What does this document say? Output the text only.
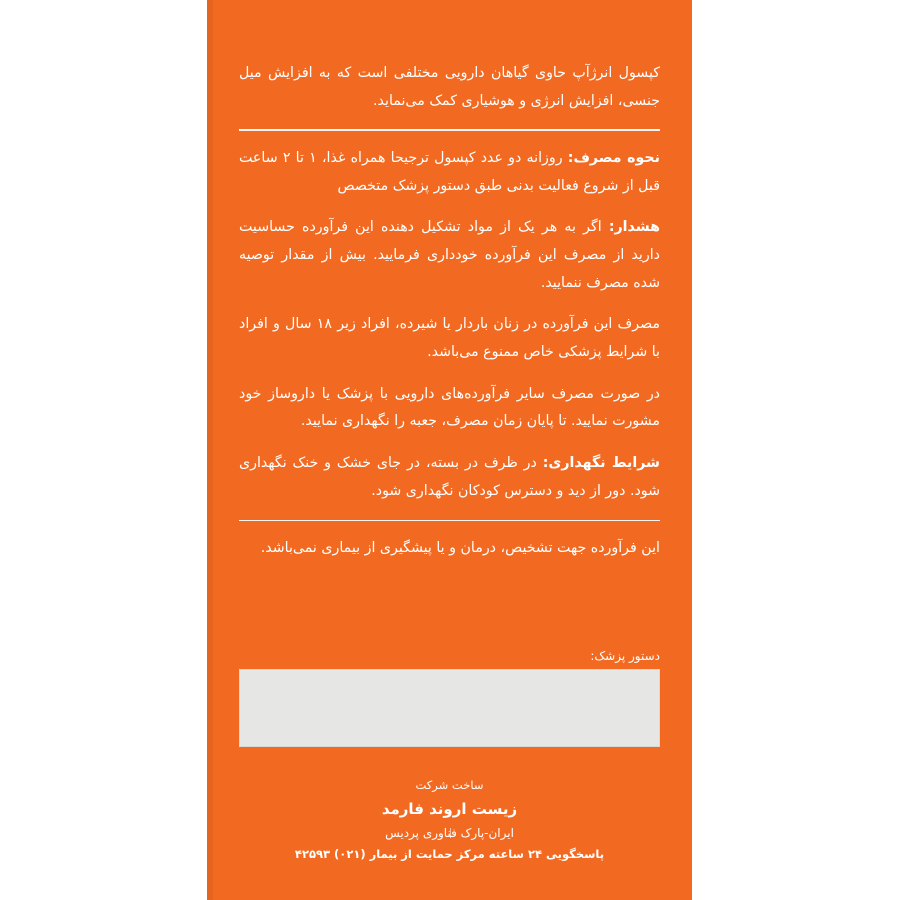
کپسول انرژآپ حاوی گیاهان دارویی مختلفی است که به افزایش میل جنسی، افزایش انرژی و هوشیاری کمک می‌نماید.

نحوه مصرف: روزانه دو عدد کپسول ترجیحا همراه غذا، ۱ تا ۲ ساعت قبل از شروع فعالیت بدنی طبق دستور پزشک متخصص

هشدار: اگر به هر یک از مواد تشکیل دهنده این فرآورده حساسیت دارید از مصرف این فرآورده خودداری فرمایید. بیش از مقدار توصیه شده مصرف ننمایید.

مصرف این فرآورده در زنان باردار یا شیرده، افراد زیر ۱۸ سال و افراد با شرایط پزشکی خاص ممنوع می‌باشد.

در صورت مصرف سایر فرآورده‌های دارویی با پزشک یا داروساز خود مشورت نمایید. تا پایان زمان مصرف، جعبه را نگهداری نمایید.

شرایط نگهداری: در ظرف در بسته، در جای خشک و خنک نگهداری شود. دور از دید و دسترس کودکان نگهداری شود.

این فرآورده جهت تشخیص، درمان و یا پیشگیری از بیماری نمی‌باشد.

دستور پزشک:

ساخت شرکت

زیست اروند فارمد

ایران-پارک فناوری پردیس

پاسخگویی ۲۴ ساعته مرکز حمایت از بیمار (۰۲۱) ۴۲۵۹۳
